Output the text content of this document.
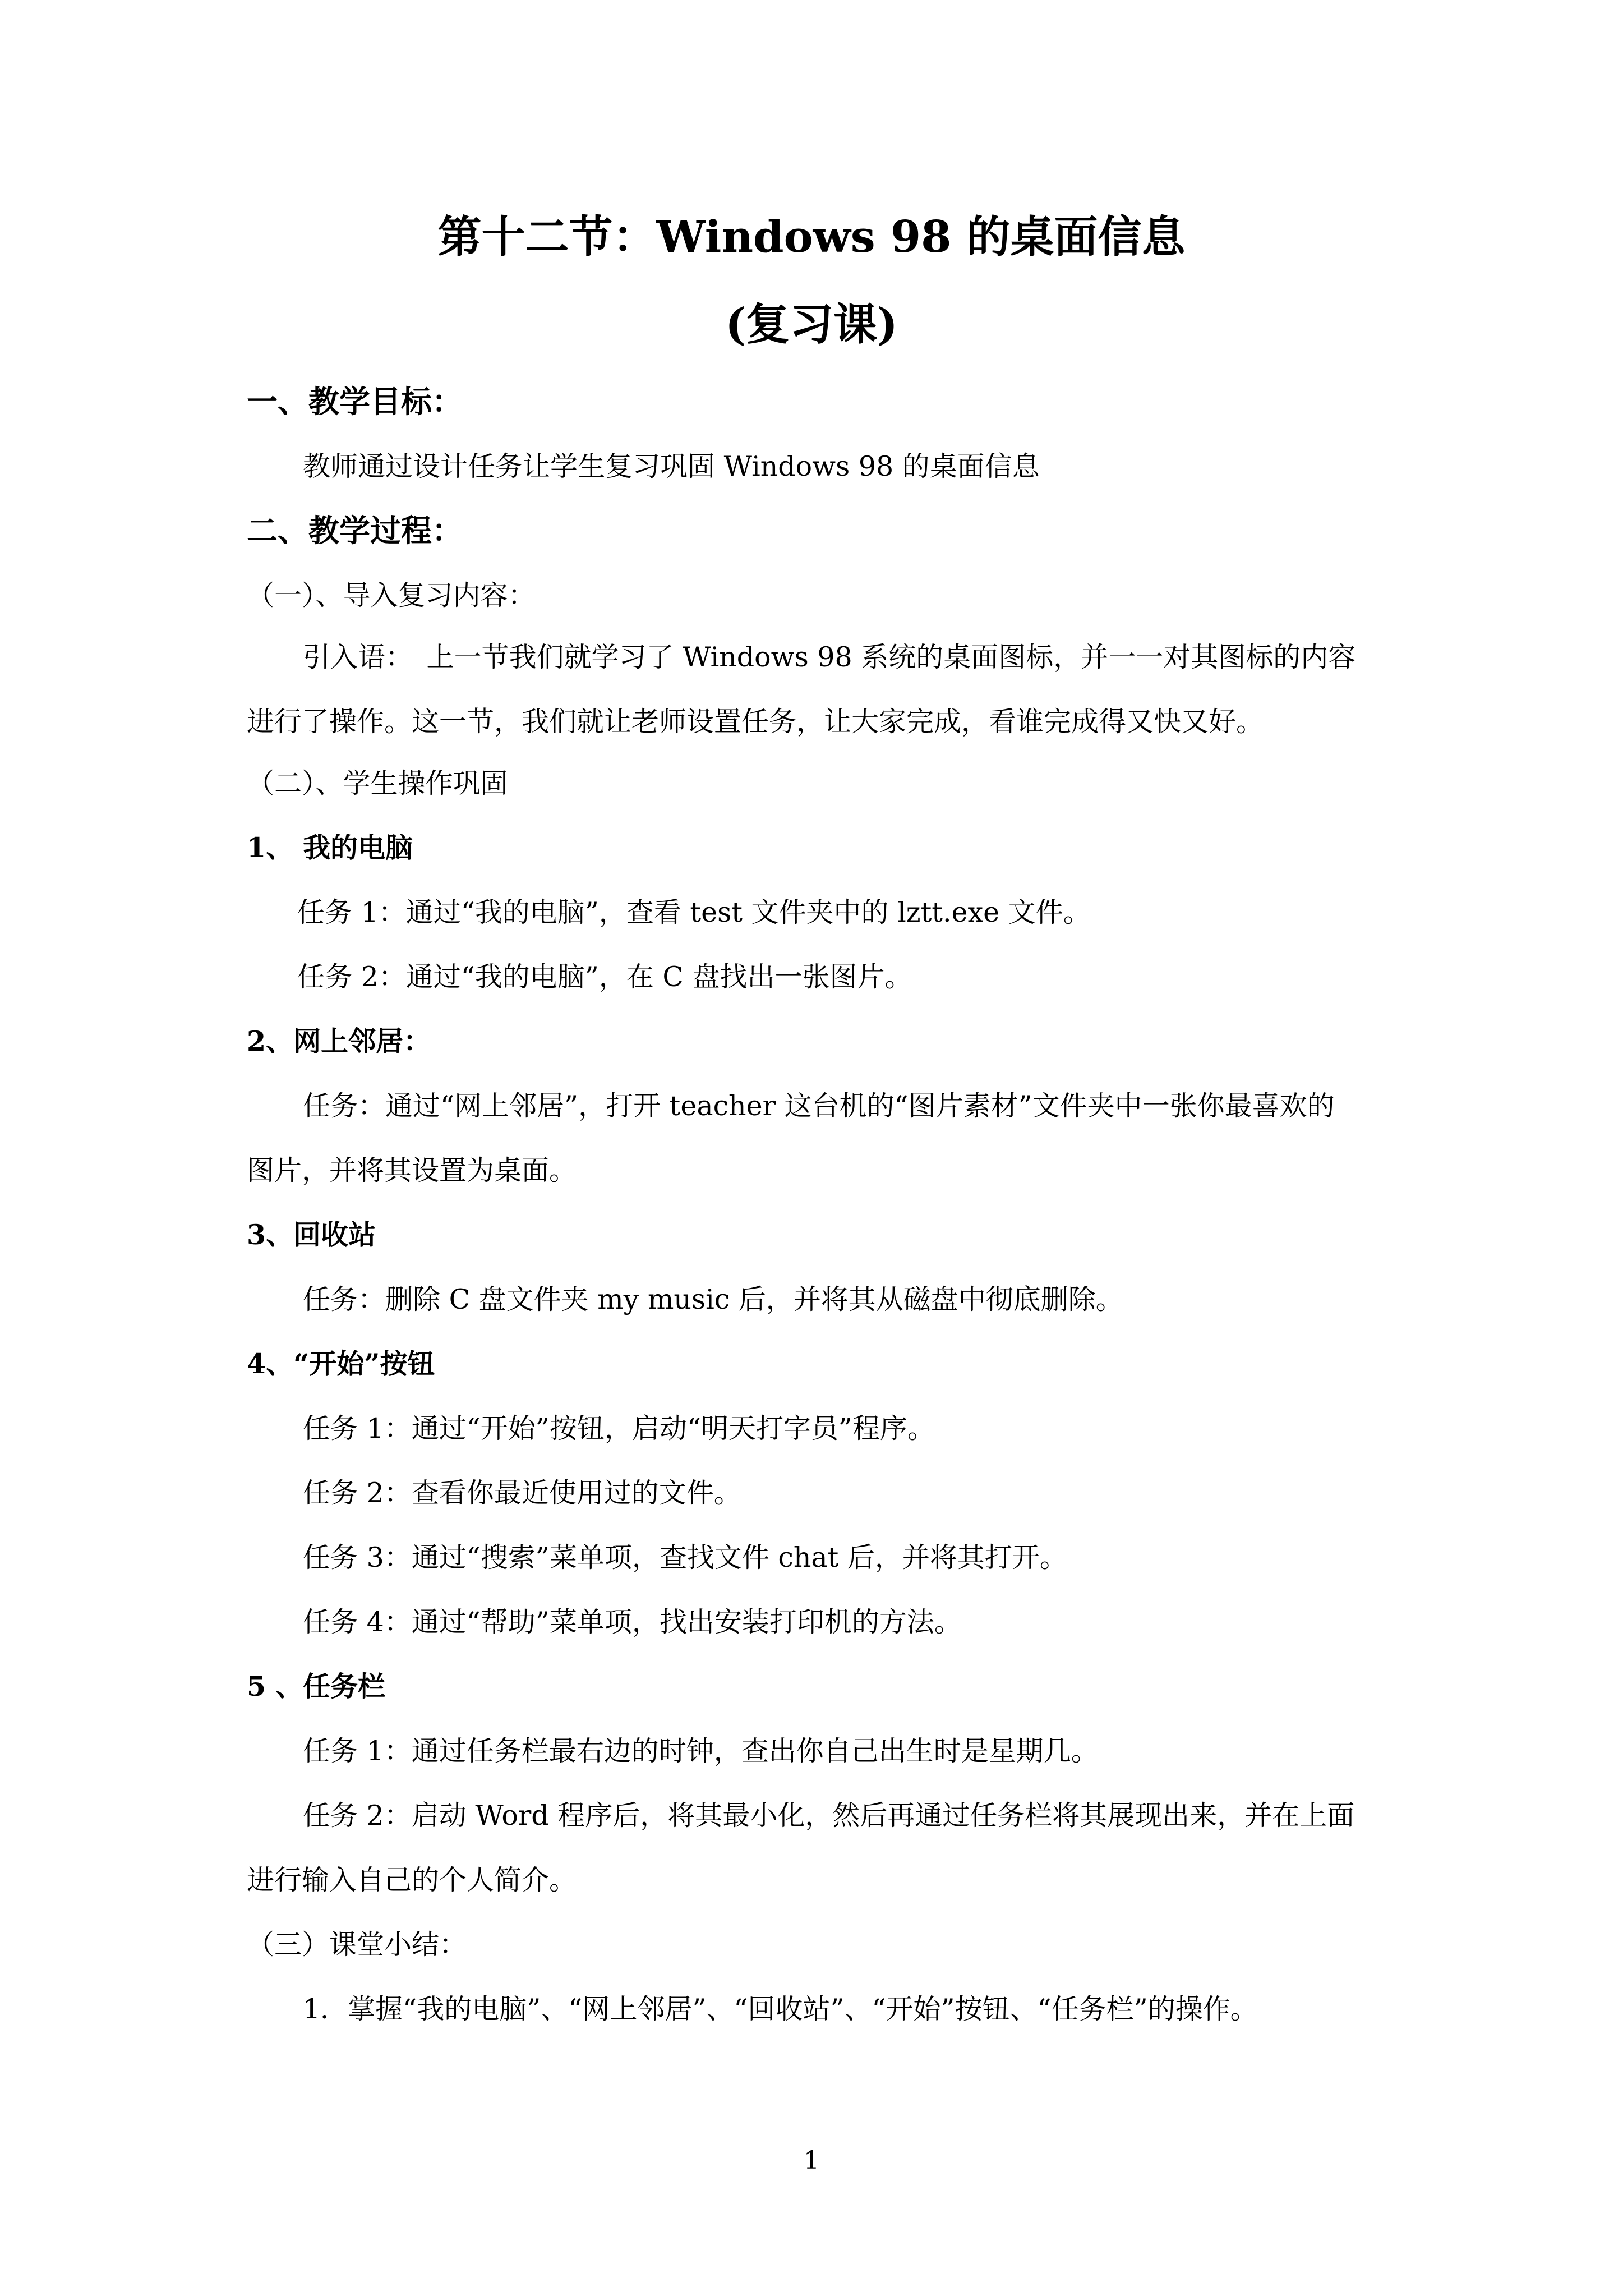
第十二节：Windows 98 的桌面信息
(复习课)
一、教学目标：
教师通过设计任务让学生复习巩固 Windows 98 的桌面信息
二、教学过程：
（一）、导入复习内容：
引入语：　上一节我们就学习了 Windows 98 系统的桌面图标，并一一对其图标的内容
进行了操作。这一节，我们就让老师设置任务，让大家完成，看谁完成得又快又好。
（二）、学生操作巩固
1、 我的电脑
任务 1：通过“我的电脑”，查看 test 文件夹中的 lztt.exe 文件。
任务 2：通过“我的电脑”，在 C 盘找出一张图片。
2、网上邻居：
任务：通过“网上邻居”，打开 teacher 这台机的“图片素材”文件夹中一张你最喜欢的
图片，并将其设置为桌面。
3、回收站
任务：删除 C 盘文件夹 my music 后，并将其从磁盘中彻底删除。
4、“开始”按钮
任务 1：通过“开始”按钮，启动“明天打字员”程序。
任务 2：查看你最近使用过的文件。
任务 3：通过“搜索”菜单项，查找文件 chat 后，并将其打开。
任务 4：通过“帮助”菜单项，找出安装打印机的方法。
5 、任务栏
任务 1：通过任务栏最右边的时钟，查出你自己出生时是星期几。
任务 2：启动 Word 程序后，将其最小化，然后再通过任务栏将其展现出来，并在上面
进行输入自己的个人简介。
（三）课堂小结：
1．掌握“我的电脑”、“网上邻居”、“回收站”、“开始”按钮、“任务栏”的操作。
1
